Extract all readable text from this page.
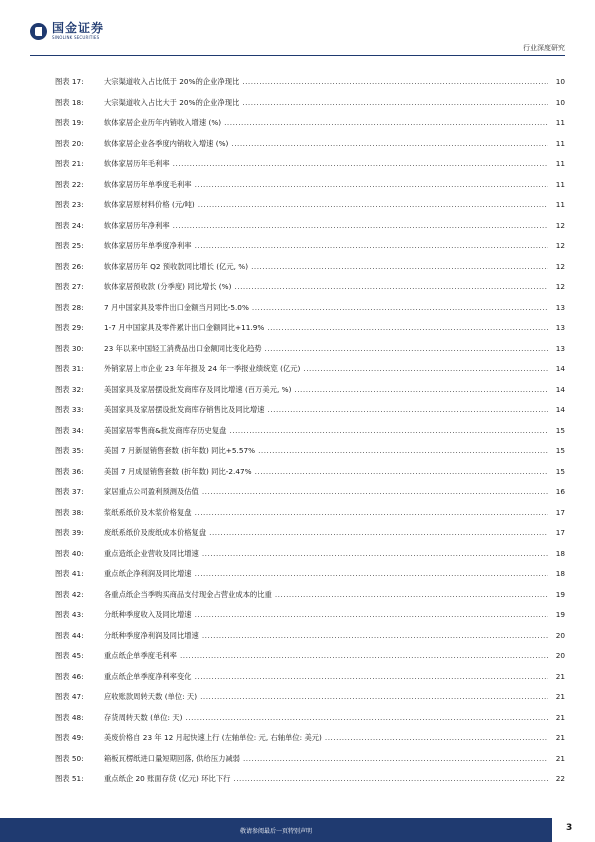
国金证券
SINOLINK SECURITIES
行业深度研究
图表 17:	大宗渠道收入占比低于 20%的企业净现比 .....	10
图表 18:	大宗渠道收入占比大于 20%的企业净现比 .....	10
图表 19:	软体家居企业历年内销收入增速 (%) .....	11
图表 20:	软体家居企业各季度内销收入增速 (%) .....	11
图表 21:	软体家居历年毛利率 .....	11
图表 22:	软体家居历年单季度毛利率 .....	11
图表 23:	软体家居原材料价格 (元/吨) .....	11
图表 24:	软体家居历年净利率 .....	12
图表 25:	软体家居历年单季度净利率 .....	12
图表 26:	软体家居历年 Q2 预收款同比增长 (亿元, %) .....	12
图表 27:	软体家居预收款 (分季度) 同比增长 (%) .....	12
图表 28:	7 月中国家具及零件出口金额当月同比-5.0% .....	13
图表 29:	1-7 月中国家具及零件累计出口金额同比+11.9% .....	13
图表 30:	23 年以来中国轻工消费品出口金额同比变化趋势 .....	13
图表 31:	外销家居上市企业 23 年年报及 24 年一季报业绩统览 (亿元) .....	14
图表 32:	美国家具及家居摆设批发商库存及同比增速 (百万美元, %) .....	14
图表 33:	美国家具及家居摆设批发商库存销售比及同比增速 .....	14
图表 34:	美国家居零售商&批发商库存历史复盘 .....	15
图表 35:	美国 7 月新屋销售套数 (折年数) 同比+5.57% .....	15
图表 36:	美国 7 月成屋销售套数 (折年数) 同比-2.47% .....	15
图表 37:	家居重点公司盈利预测及估值 .....	16
图表 38:	浆纸系纸价及木浆价格复盘 .....	17
图表 39:	废纸系纸价及废纸成本价格复盘 .....	17
图表 40:	重点造纸企业营收及同比增速 .....	18
图表 41:	重点纸企净利润及同比增速 .....	18
图表 42:	各重点纸企当季购买商品支付现金占营业成本的比重 .....	19
图表 43:	分纸种季度收入及同比增速 .....	19
图表 44:	分纸种季度净利润及同比增速 .....	20
图表 45:	重点纸企单季度毛利率 .....	20
图表 46:	重点纸企单季度净利率变化 .....	21
图表 47:	应收账款周转天数 (单位: 天) .....	21
图表 48:	存货周转天数 (单位: 天) .....	21
图表 49:	美废价格自 23 年 12 月起快速上行 (左轴单位: 元, 右轴单位: 美元) .....	21
图表 50:	箱板瓦楞纸进口量短期回落, 供给压力减弱 .....	21
图表 51:	重点纸企 20 账面存货 (亿元) 环比下行 .....	22
敬请参阅最后一页特别声明	3
